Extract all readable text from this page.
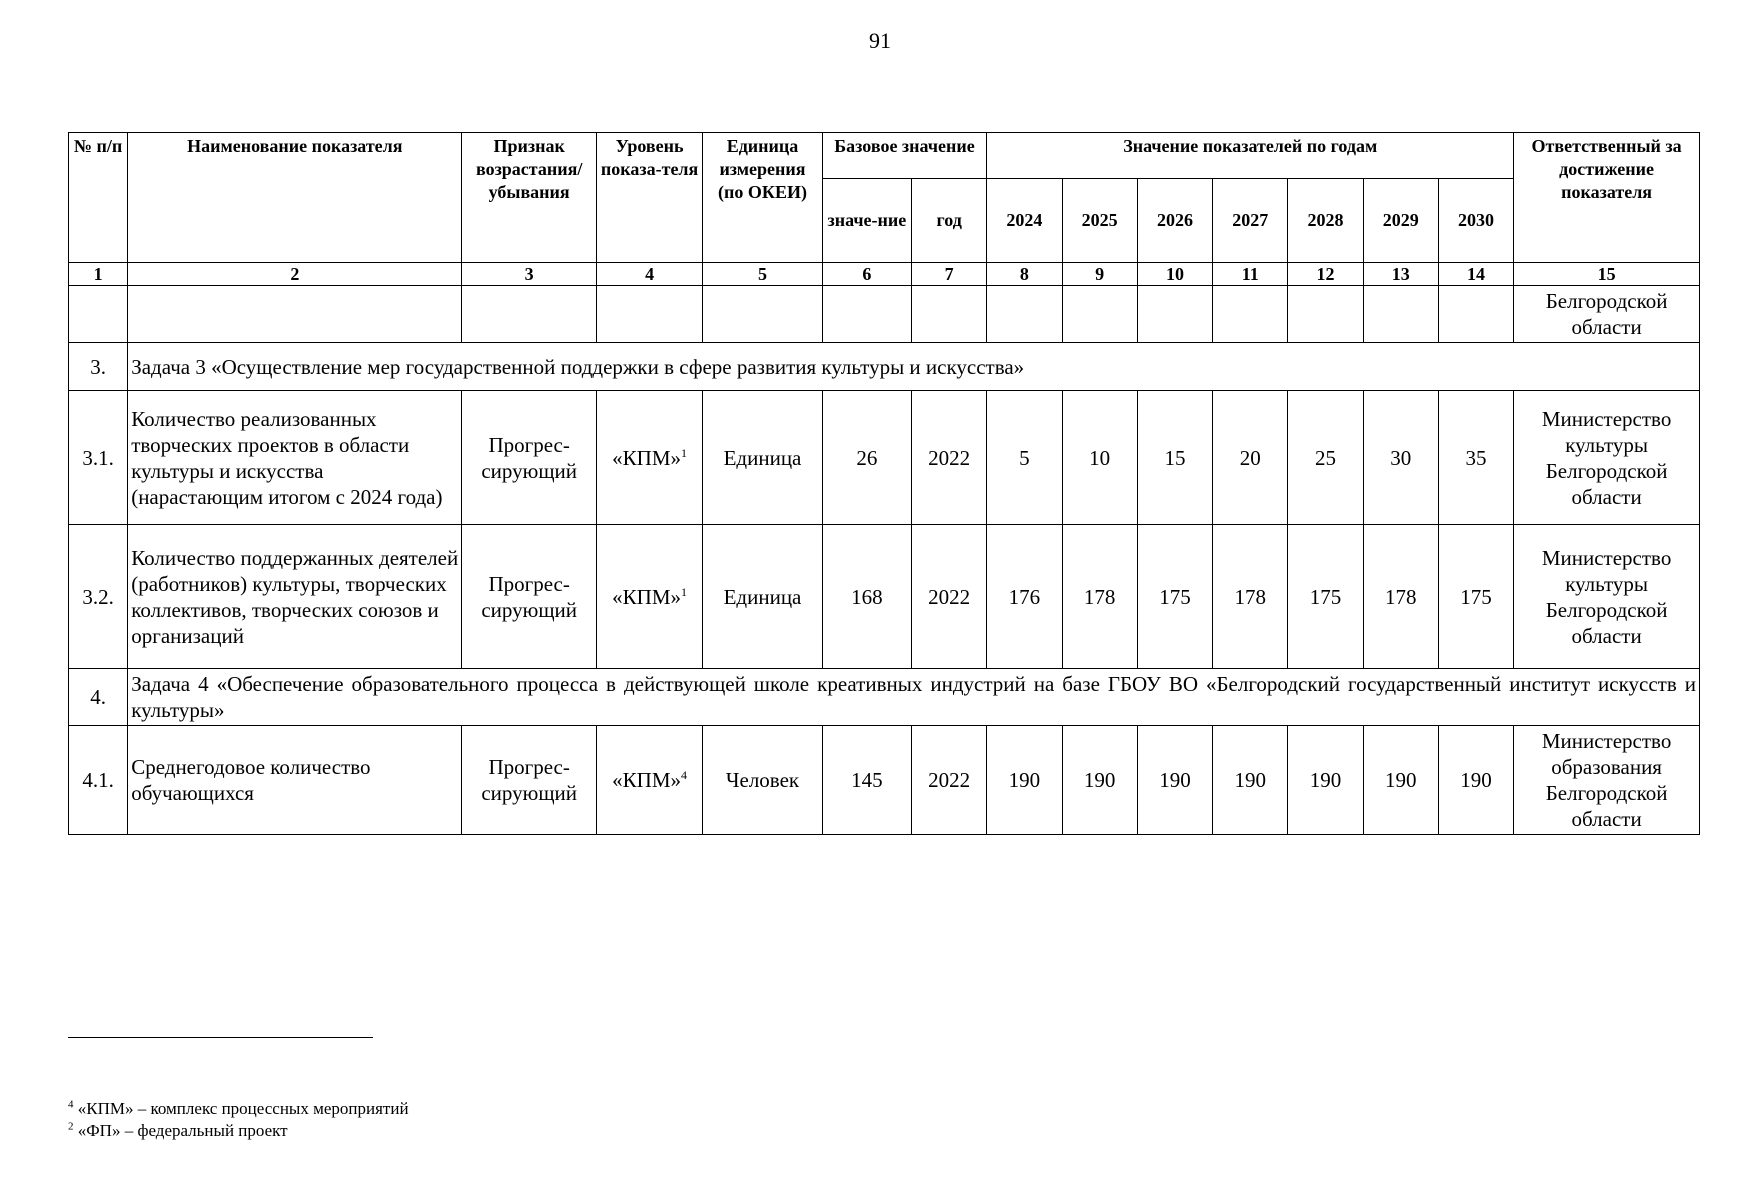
91
№ п/п	Наименование показателя	Признак возрастания/ убывания	Уровень показа-теля	Единица измерения (по ОКЕИ)	Базовое значение		Значение показателей по годам							Ответственный за достижение показателя
					значе-ние	год	2024	2025	2026	2027	2028	2029	2030	
1	2	3	4	5	6	7	8	9	10	11	12	13	14	15
														Белгородской области
3.	Задача 3 «Осуществление мер государственной поддержки в сфере развития культуры и искусства»													
3.1.	Количество реализованных творческих проектов в области культуры и искусства (нарастающим итогом с 2024 года)	Прогрес-сирующий	«КПМ»$^1$	Единица	26	2022	5	10	15	20	25	30	35	Министерство культуры Белгородской области
3.2.	Количество поддержанных деятелей (работников) культуры, творческих коллективов, творческих союзов и организаций	Прогрес-сирующий	«КПМ»$^1$	Единица	168	2022	176	178	175	178	175	178	175	Министерство культуры Белгородской области
4.	Задача 4 «Обеспечение образовательного процесса в действующей школе креативных индустрий на базе ГБОУ ВО «Белгородский государственный институт искусств и культуры»													
4.1.	Среднегодовое количество обучающихся	Прогрес-сирующий	«КПМ»$^4$	Человек	145	2022	190	190	190	190	190	190	190	Министерство образования Белгородской области
$^4$ «КПМ» – комплекс процессных мероприятий
$^2$ «ФП» – федеральный проект
